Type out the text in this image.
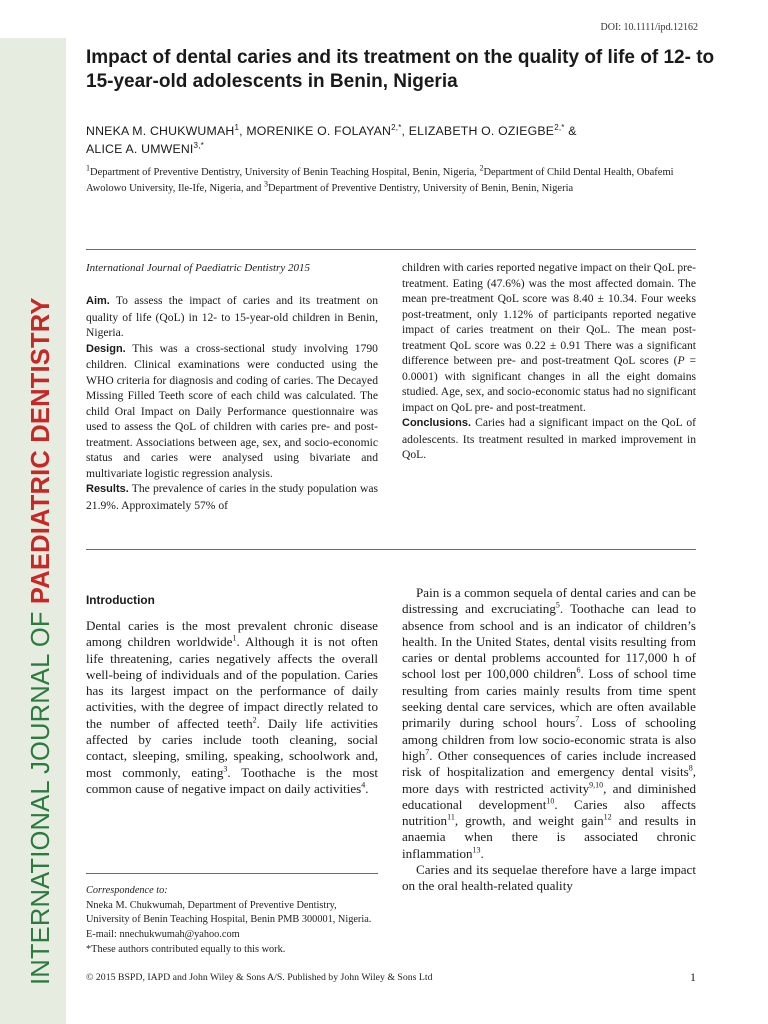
DOI: 10.1111/ipd.12162
INTERNATIONAL JOURNAL OF PAEDIATRIC DENTISTRY
Impact of dental caries and its treatment on the quality of life of 12- to 15-year-old adolescents in Benin, Nigeria
NNEKA M. CHUKWUMAH$^1$, MORENIKE O. $FOLAYAN^{2,*}$, ELIZABETH O. $OZIEGBE^{2,*}$ &
ALICE A. $UMWENI^{3,*}$
$^1$Department of Preventive Dentistry, University of Benin Teaching Hospital, Benin, Nigeria, $^2$Department of Child Dental Health, Obafemi Awolowo University, Ile-Ife, Nigeria, and $^3$Department of Preventive Dentistry, University of Benin, Benin, Nigeria
International Journal of Paediatric Dentistry 2015

Aim. To assess the impact of caries and its treatment on quality of life (QoL) in 12- to 15-year-old children in Benin, Nigeria.

Design. This was a cross-sectional study involving 1790 children. Clinical examinations were conducted using the WHO criteria for diagnosis and coding of caries. The Decayed Missing Filled Teeth score of each child was calculated. The child Oral Impact on Daily Performance questionnaire was used to assess the QoL of children with caries pre- and post-treatment. Associations between age, sex, and socio-economic status and caries were analysed using bivariate and multivariate logistic regression analysis.

Results. The prevalence of caries in the study population was 21.9%. Approximately 57% of

children with caries reported negative impact on their QoL pre-treatment. Eating (47.6%) was the most affected domain. The mean pre-treatment QoL score was 8.40 ± 10.34. Four weeks post-treatment, only 1.12% of participants reported negative impact of caries treatment on their QoL. The mean post-treatment QoL score was 0.22 ± 0.91 There was a significant difference between pre- and post-treatment QoL scores (P = 0.0001) with significant changes in all the eight domains studied. Age, sex, and socio-economic status had no significant impact on QoL pre- and post-treatment.

Conclusions. Caries had a significant impact on the QoL of adolescents. Its treatment resulted in marked improvement in QoL.

Introduction

Dental caries is the most prevalent chronic disease among children worldwide$^1$. Although it is not often life threatening, caries negatively affects the overall well-being of individuals and of the population. Caries has its largest impact on the performance of daily activities, with the degree of impact directly related to the number of affected teeth$^2$. Daily life activities affected by caries include tooth cleaning, social contact, sleeping, smiling, speaking, schoolwork and, most commonly, eating$^3$. Toothache is the most common cause of negative impact on daily activities$^4$.

Pain is a common sequela of dental caries and can be distressing and excruciating$^5$. Toothache can lead to absence from school and is an indicator of children’s health. In the United States, dental visits resulting from caries or dental problems accounted for 117,000 h of school lost per 100,000 children$^6$. Loss of school time resulting from caries mainly results from time spent seeking dental care services, which are often available primarily during school hours$^7$. Loss of schooling among children from low socio-economic strata is also high$^7$. Other consequences of caries include increased risk of hospitalization and emergency dental visits$^8$, more days with restricted activity$^{9,10}$, and diminished educational development$^{10}$. Caries also affects nutrition$^{11}$, growth, and weight gain$^{12}$ and results in anaemia when there is associated chronic inflammation$^{13}$.

Caries and its sequelae therefore have a large impact on the oral health-related quality

Correspondence to:
Nneka M. Chukwumah, Department of Preventive Dentistry, University of Benin Teaching Hospital, Benin PMB 300001, Nigeria. E-mail: nnechukwumah@yahoo.com
*These authors contributed equally to this work.
© 2015 BSPD, IAPD and John Wiley & Sons A/S. Published by John Wiley & Sons Ltd	1
